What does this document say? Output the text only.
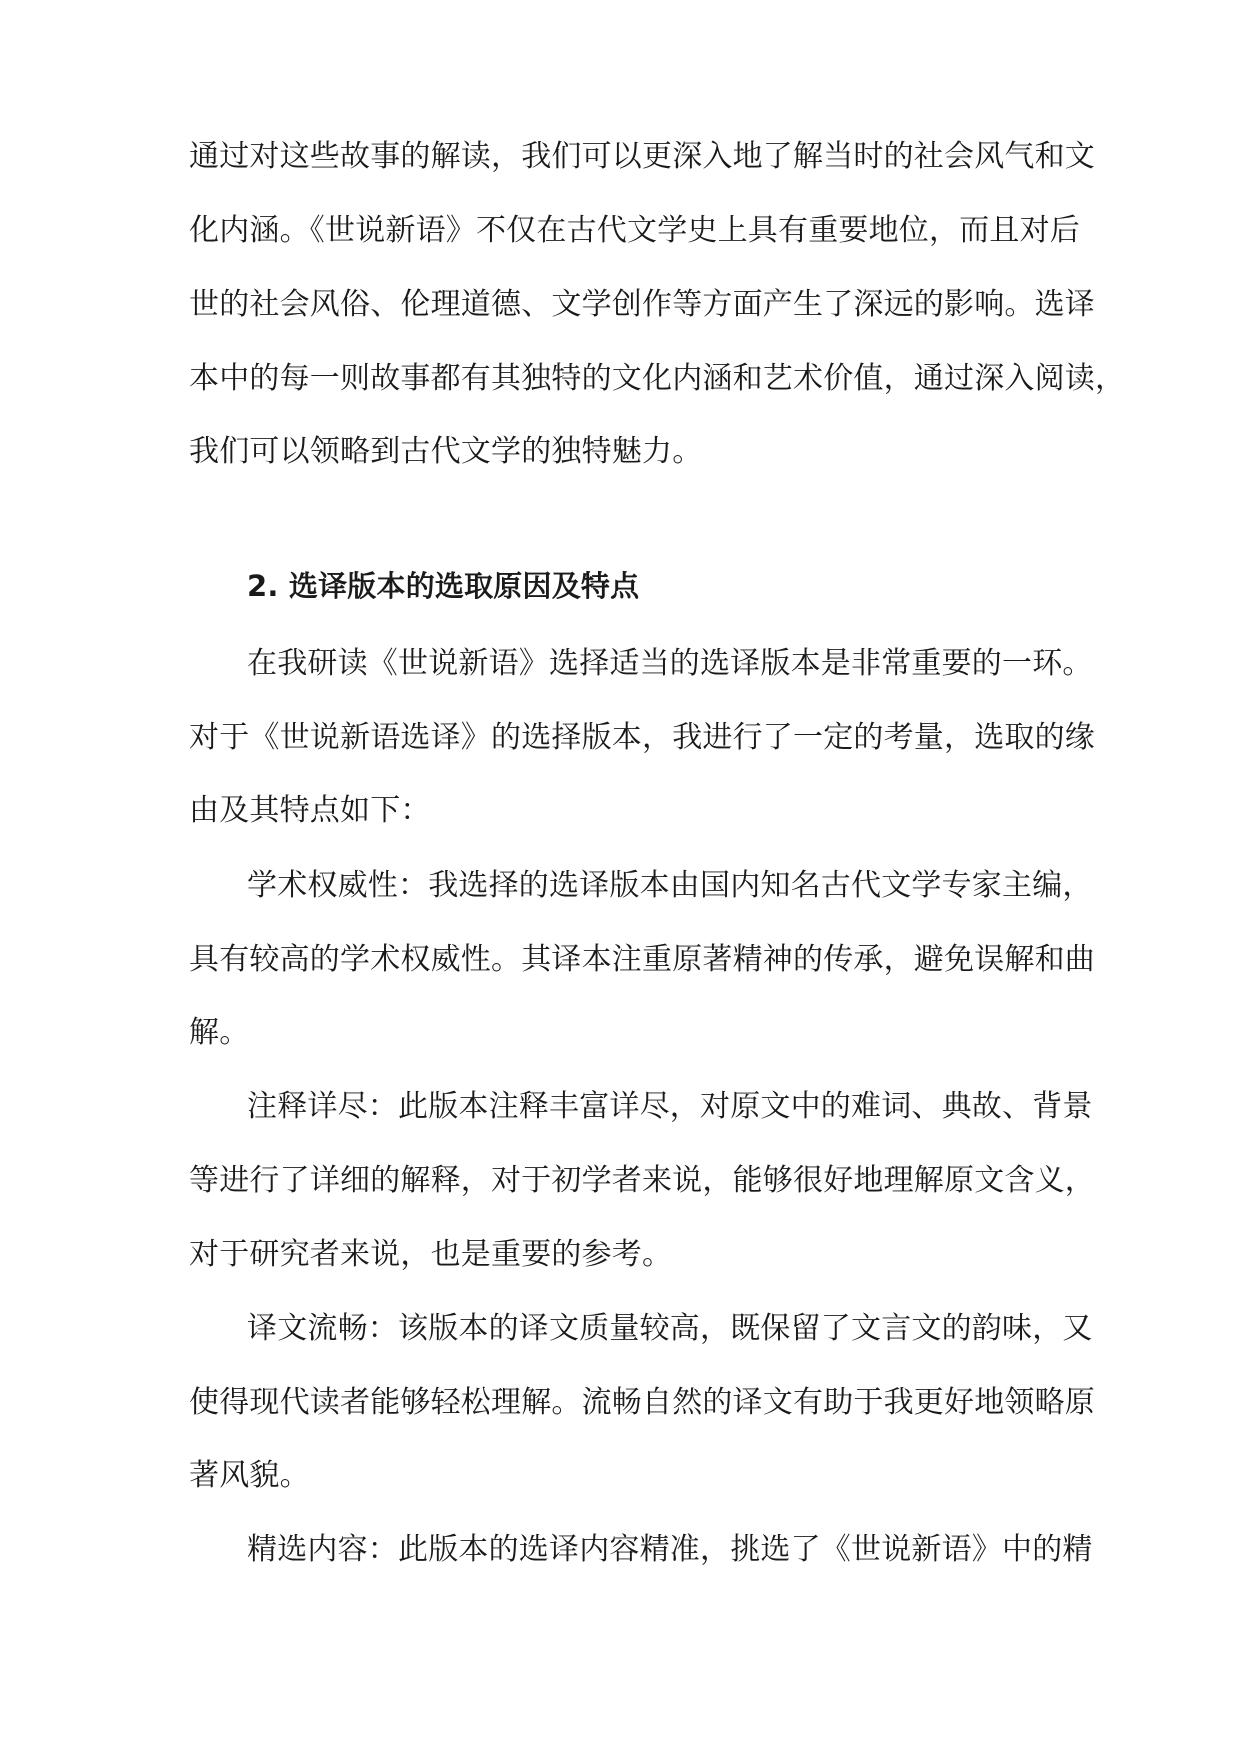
通过对这些故事的解读，我们可以更深入地了解当时的社会风气和文
化内涵。《世说新语》不仅在古代文学史上具有重要地位，而且对后
世的社会风俗、伦理道德、文学创作等方面产生了深远的影响。选译
本中的每一则故事都有其独特的文化内涵和艺术价值，通过深入阅读，
我们可以领略到古代文学的独特魅力。
2. 选译版本的选取原因及特点
在我研读《世说新语》选择适当的选译版本是非常重要的一环。
对于《世说新语选译》的选择版本，我进行了一定的考量，选取的缘
由及其特点如下：
学术权威性：我选择的选译版本由国内知名古代文学专家主编，
具有较高的学术权威性。其译本注重原著精神的传承，避免误解和曲
解。
注释详尽：此版本注释丰富详尽，对原文中的难词、典故、背景
等进行了详细的解释，对于初学者来说，能够很好地理解原文含义，
对于研究者来说，也是重要的参考。
译文流畅：该版本的译文质量较高，既保留了文言文的韵味，又
使得现代读者能够轻松理解。流畅自然的译文有助于我更好地领略原
著风貌。
精选内容：此版本的选译内容精准，挑选了《世说新语》中的精
